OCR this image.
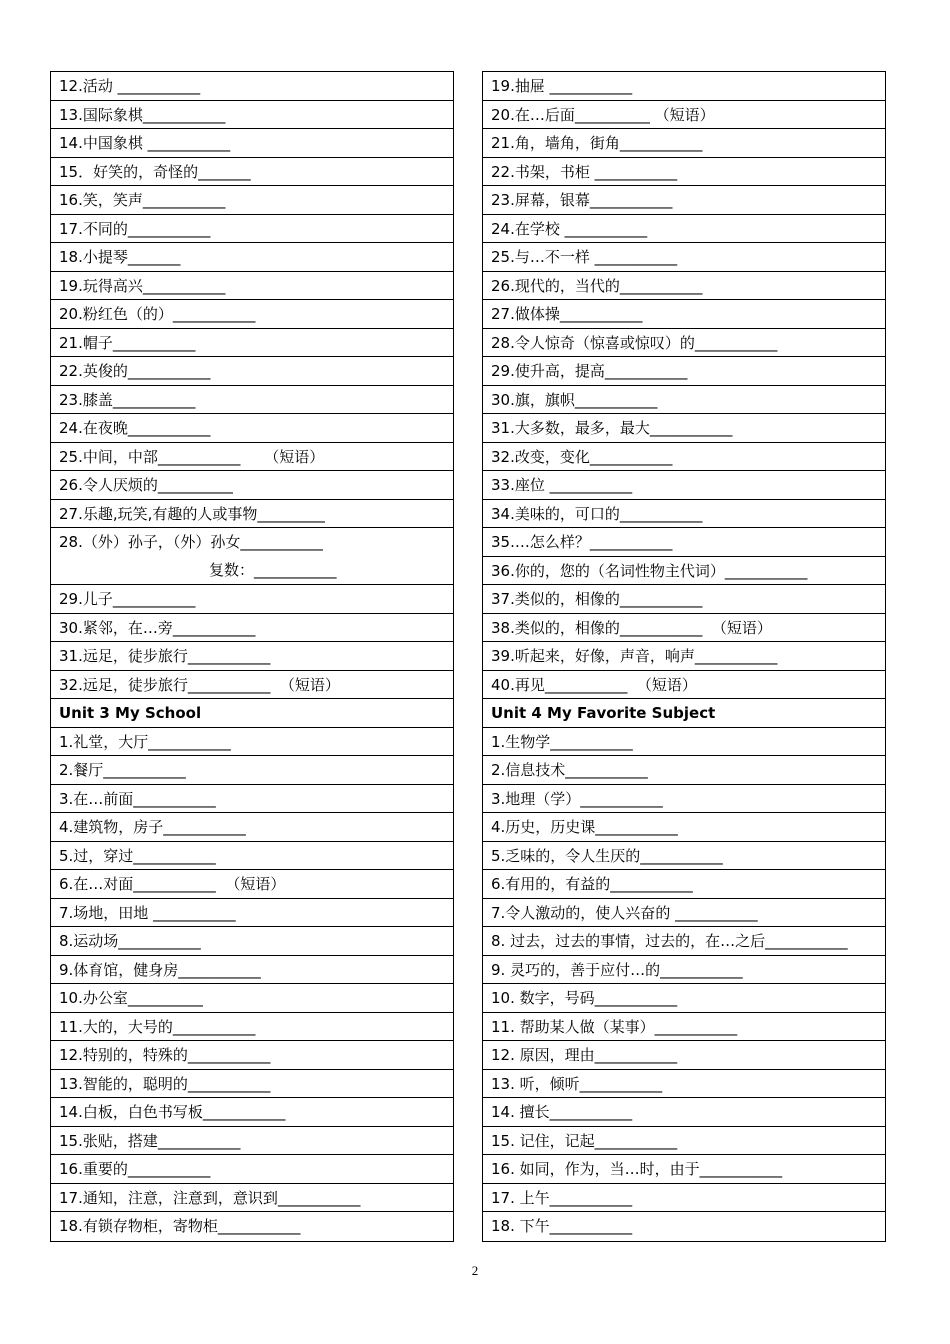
12.活动 ___________
13.国际象棋___________
14.中国象棋 ___________
15．好笑的，奇怪的_______
16.笑，笑声___________
17.不同的___________
18.小提琴_______
19.玩得高兴___________
20.粉红色（的）___________
21.帽子___________
22.英俊的___________
23.膝盖___________
24.在夜晚___________
25.中间，中部___________     （短语）
26.令人厌烦的__________
27.乐趣,玩笑,有趣的人或事物_________
28.（外）孙子，（外）孙女___________
复数：___________
29.儿子___________
30.紧邻，在…旁___________
31.远足，徒步旅行___________
32.远足，徒步旅行___________  （短语）
Unit 3 My School
1.礼堂，大厅___________
2.餐厅___________
3.在…前面___________
4.建筑物，房子___________
5.过，穿过___________
6.在…对面___________  （短语）
7.场地，田地 ___________
8.运动场___________
9.体育馆，健身房___________
10.办公室__________
11.大的，大号的___________
12.特别的，特殊的___________
13.智能的，聪明的___________
14.白板，白色书写板___________
15.张贴，搭建___________
16.重要的___________
17.通知，注意，注意到，意识到___________
18.有锁存物柜，寄物柜___________
19.抽屉 ___________
20.在…后面__________ （短语）
21.角，墙角，街角___________
22.书架，书柜 ___________
23.屏幕，银幕___________
24.在学校 ___________
25.与…不一样 ___________
26.现代的，当代的___________
27.做体操___________
28.令人惊奇（惊喜或惊叹）的___________
29.使升高，提高___________
30.旗，旗帜___________
31.大多数，最多，最大___________
32.改变，变化___________
33.座位 ___________
34.美味的，可口的___________
35.…怎么样？___________
36.你的，您的（名词性物主代词）___________
37.类似的，相像的___________
38.类似的，相像的___________  （短语）
39.听起来，好像，声音，响声___________
40.再见___________  （短语）
Unit 4 My Favorite Subject
1.生物学___________
2.信息技术___________
3.地理（学）___________
4.历史，历史课___________
5.乏味的，令人生厌的___________
6.有用的，有益的___________
7.令人激动的，使人兴奋的 ___________
8. 过去，过去的事情，过去的，在…之后___________
9. 灵巧的，善于应付…的___________
10. 数字，号码___________
11. 帮助某人做（某事）___________
12. 原因，理由___________
13. 听，倾听___________
14. 擅长___________
15. 记住，记起___________
16. 如同，作为，当…时，由于___________
17. 上午___________
18. 下午___________
2
